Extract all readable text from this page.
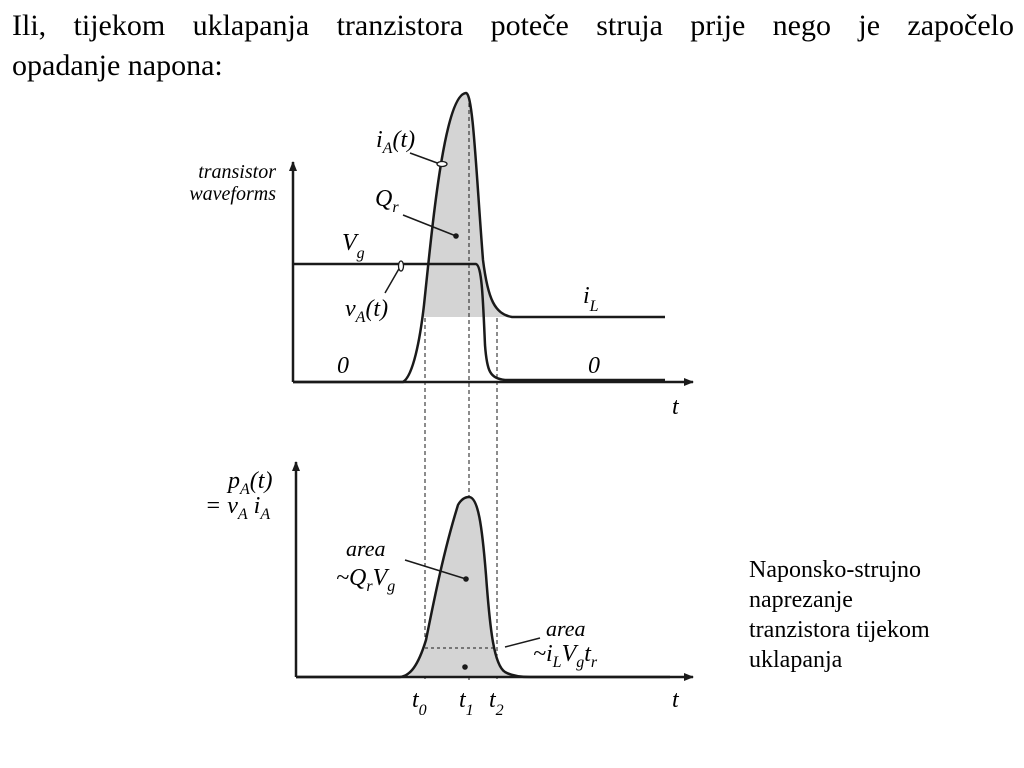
Ili, tijekom uklapanja tranzistora poteče struja prije nego je započelo
opadanje napona:
transistor
waveforms
$i_A(t)$
$Q_r$
$V_g$
$v_A(t)$	$i_L$
0	0
t
$p_A(t)$
= $v_A$ $i_A$
area
$\sim Q_rV_g$
area
$\sim i_LV_gt_r$
$t_0$ $t_1$ $t_2$	t
Naponsko-strujno
naprezanje
tranzistora tijekom
uklapanja
